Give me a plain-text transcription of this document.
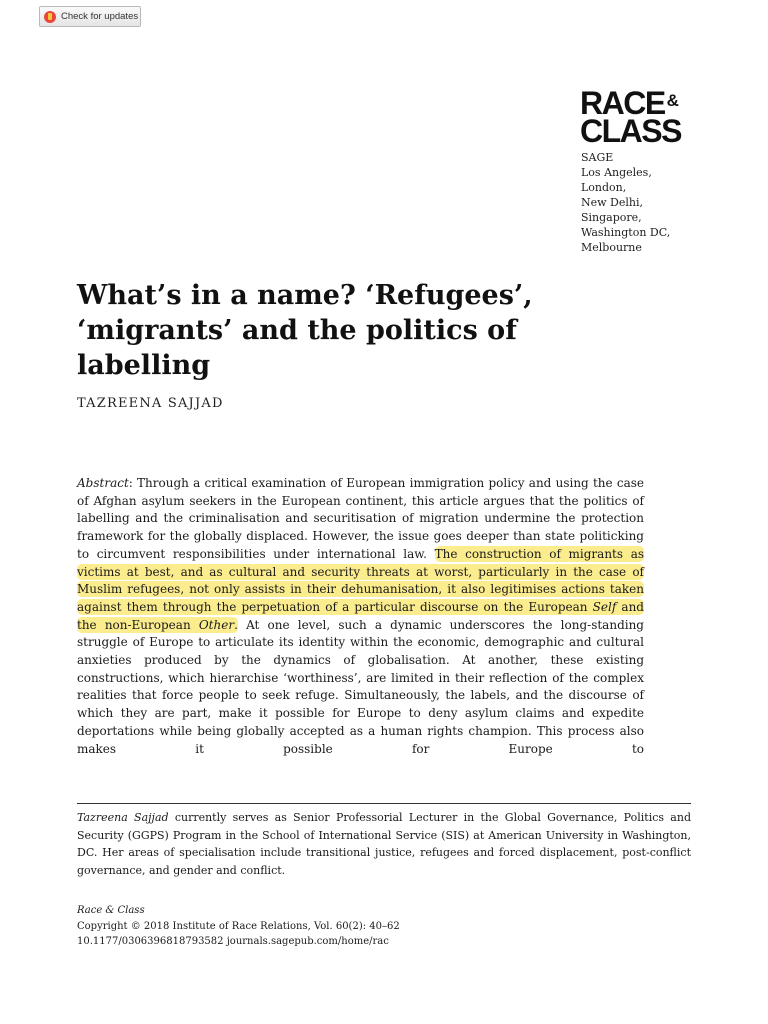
Check for updates
RACE &
CLASS
SAGE
Los Angeles,
London,
New Delhi,
Singapore,
Washington DC,
Melbourne
What’s in a name? ‘Refugees’, ‘migrants’ and the politics of labelling
TAZREENA SAJJAD

Abstract: Through a critical examination of European immigration policy and using the case of Afghan asylum seekers in the European continent, this article argues that the politics of labelling and the criminalisation and securitisation of migration undermine the protection framework for the globally displaced. However, the issue goes deeper than state politicking to circumvent responsibilities under international law. The construction of migrants as victims at best, and as cultural and security threats at worst, particularly in the case of Muslim refugees, not only assists in their dehumanisation, it also legitimises actions taken against them through the perpetuation of a particular discourse on the European Self and the non-European Other. At one level, such a dynamic underscores the long-standing struggle of Europe to articulate its identity within the economic, demographic and cultural anxieties produced by the dynamics of globalisation. At another, these existing constructions, which hierarchise ‘worthiness’, are limited in their reflection of the complex realities that force people to seek refuge. Simultaneously, the labels, and the discourse of which they are part, make it possible for Europe to deny asylum claims and expedite deportations while being globally accepted as a human rights champion. This process also makes it possible for Europe to

Tazreena Sajjad currently serves as Senior Professorial Lecturer in the Global Governance, Politics and Security (GGPS) Program in the School of International Service (SIS) at American University in Washington, DC. Her areas of specialisation include transitional justice, refugees and forced displacement, post-conflict governance, and gender and conflict.

Race & Class
Copyright © 2018 Institute of Race Relations, Vol. 60(2): 40–62
10.1177/0306396818793582 journals.sagepub.com/home/rac
